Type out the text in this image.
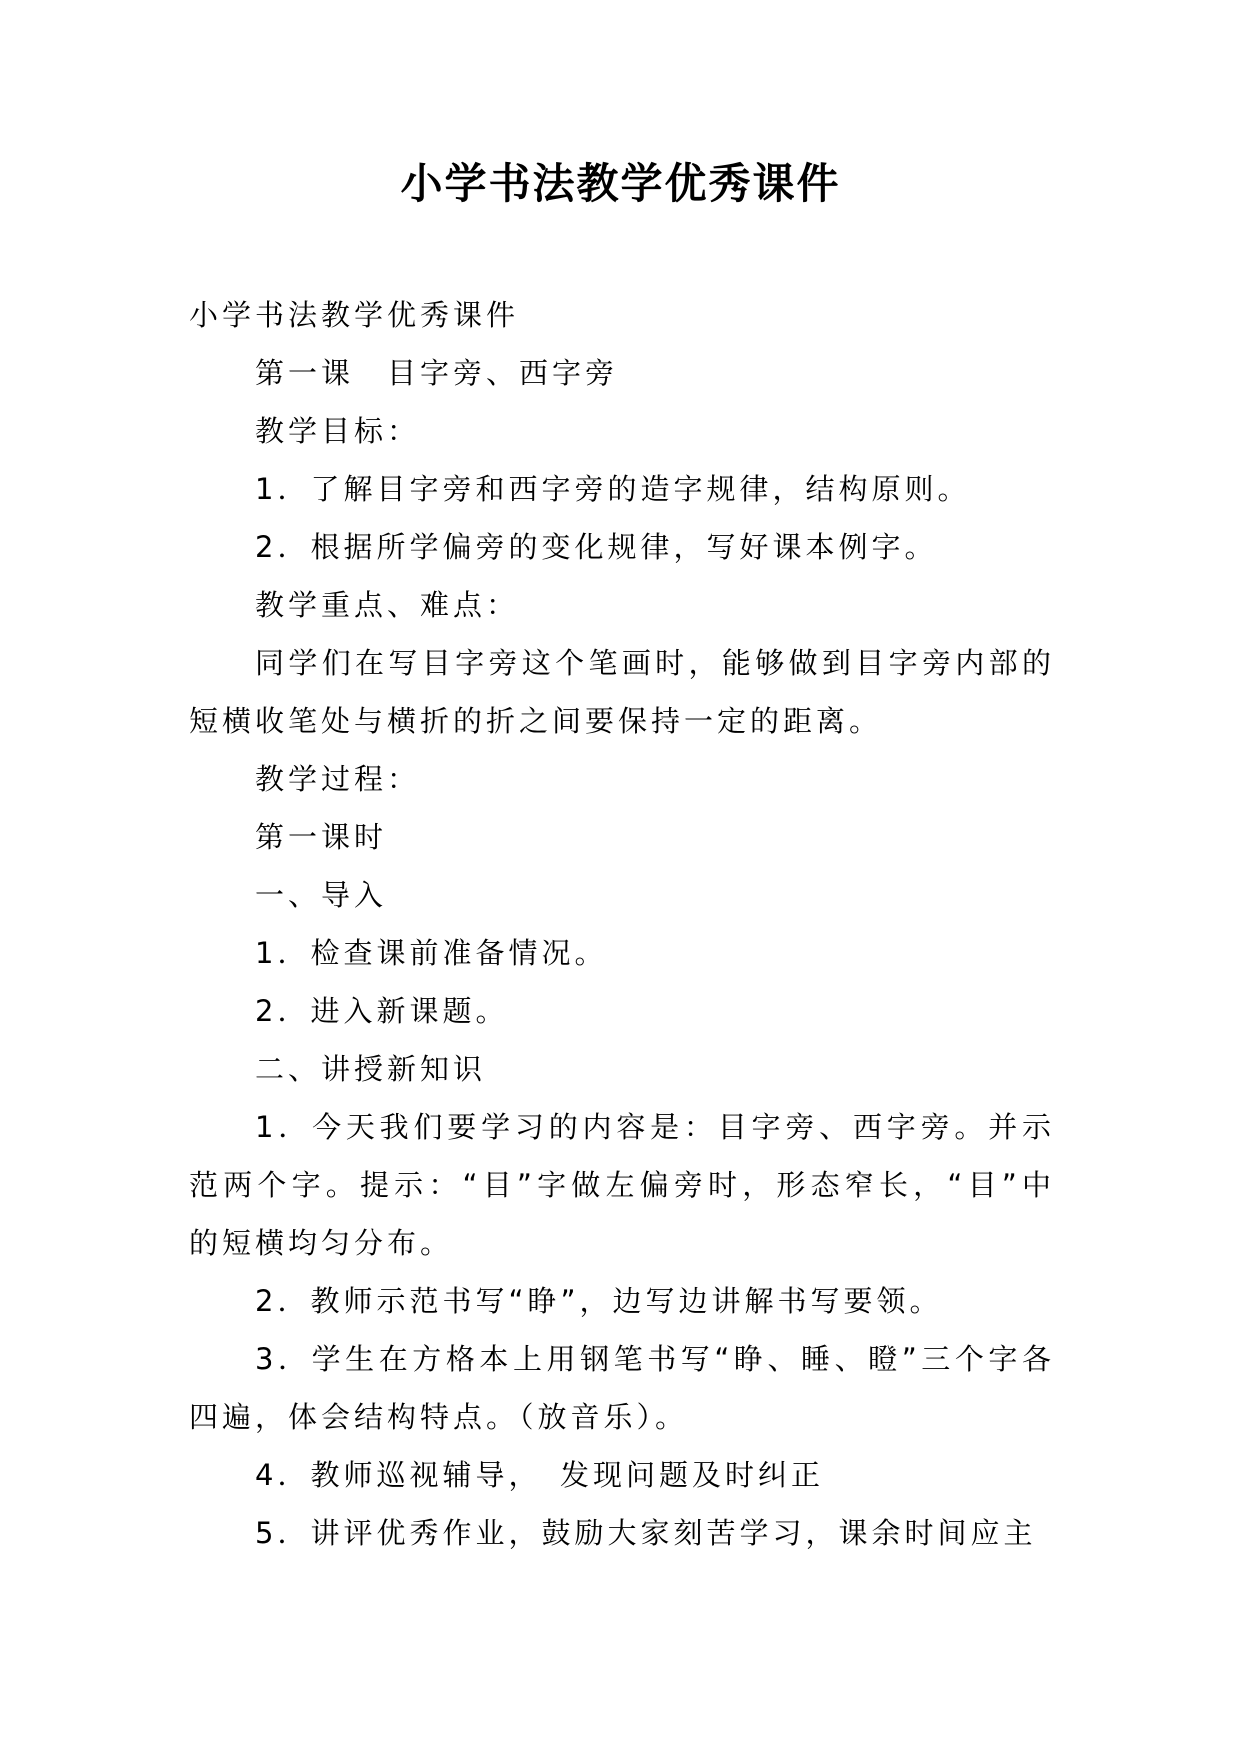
小学书法教学优秀课件

小学书法教学优秀课件

第一课　目字旁、西字旁

教学目标：

1．了解目字旁和西字旁的造字规律，结构原则。

2．根据所学偏旁的变化规律，写好课本例字。

教学重点、难点：

同学们在写目字旁这个笔画时，能够做到目字旁内部的短横收笔处与横折的折之间要保持一定的距离。

教学过程：

第一课时

一、导入

1．检查课前准备情况。

2．进入新课题。

二、讲授新知识

1．今天我们要学习的内容是：目字旁、西字旁。并示范两个字。提示：“目”字做左偏旁时，形态窄长，“目”中的短横均匀分布。

2．教师示范书写“睁”，边写边讲解书写要领。

3．学生在方格本上用钢笔书写“睁、睡、瞪”三个字各四遍，体会结构特点。（放音乐）。

4．教师巡视辅导，　发现问题及时纠正

5．讲评优秀作业，鼓励大家刻苦学习，课余时间应主
